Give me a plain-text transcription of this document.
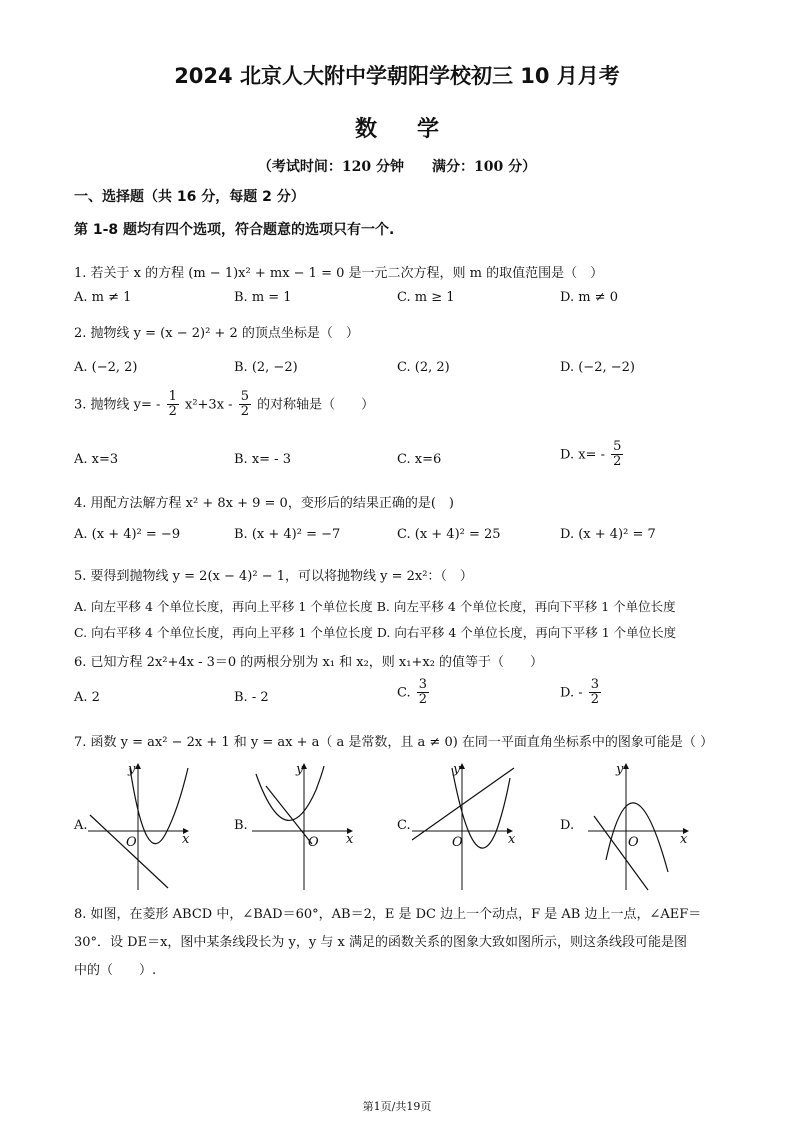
2024 北京人大附中学朝阳学校初三 10 月月考
数学
（考试时间：120 分钟　　满分：100 分）
一、选择题（共 16 分，每题 2 分）
第 1-8 题均有四个选项，符合题意的选项只有一个.
1. 若关于 x 的方程 (m − 1)x² + mx − 1 = 0 是一元二次方程，则 m 的取值范围是（　）
A. m ≠ 1	B. m = 1	C. m ≥ 1	D. m ≠ 0
2. 抛物线 y = (x − 2)² + 2 的顶点坐标是（　）
A. (−2, 2)	B. (2, −2)	C. (2, 2)	D. (−2, −2)
3. 抛物线 $y= - \frac{1}{2} x^2+3x - \frac{5}{2}$ 的对称轴是（　　）
A. x=3	B. x= - 3	C. x=6	D. $x= - \frac{5}{2}$
4. 用配方法解方程 x² + 8x + 9 = 0，变形后的结果正确的是(　)
A. (x + 4)² = −9	B. (x + 4)² = −7	C. (x + 4)² = 25	D. (x + 4)² = 7
5. 要得到抛物线 y = 2(x − 4)² − 1，可以将抛物线 y = 2x²：（　）
A. 向左平移 4 个单位长度，再向上平移 1 个单位长度 B. 向左平移 4 个单位长度，再向下平移 1 个单位长度
C. 向右平移 4 个单位长度，再向上平移 1 个单位长度 D. 向右平移 4 个单位长度，再向下平移 1 个单位长度
6. 已知方程 2x²+4x - 3＝0 的两根分别为 x₁ 和 x₂，则 x₁+x₂ 的值等于（　　）
A. 2	B. - 2	C. $\frac{3}{2}$	D. - $\frac{3}{2}$
7. 函数 y = ax² − 2x + 1 和 y = ax + a（ a 是常数，且 a ≠ 0) 在同一平面直角坐标系中的图象可能是（ ）
A.	B.	C.	D.
y
x
O
y
x
O
y
x
O
y
x
O
8. 如图，在菱形 ABCD 中，∠BAD＝60°，AB＝2，E 是 DC 边上一个动点，F 是 AB 边上一点，∠AEF＝
30°．设 DE＝x，图中某条线段长为 y，y 与 x 满足的函数关系的图象大致如图所示，则这条线段可能是图
中的（　　）.
第1页/共19页
